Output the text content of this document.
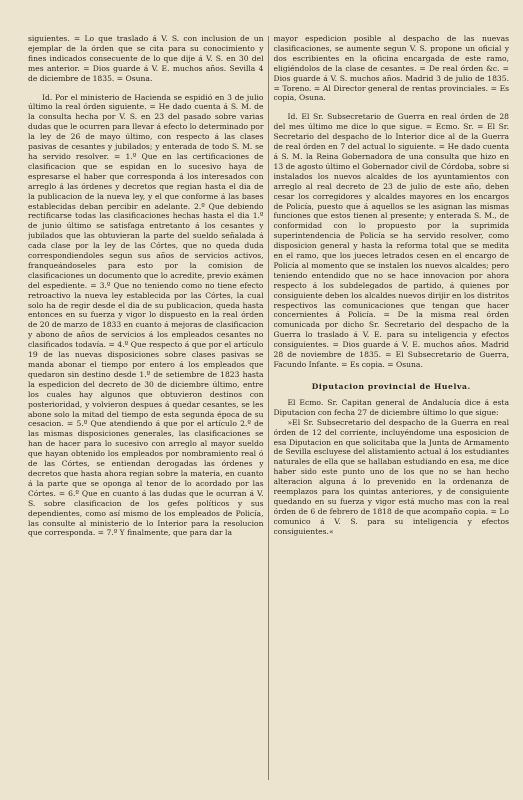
siguientes. = Lo que traslado á V. S. con inclusion de un ejemplar de la órden que se cita para su conocimiento y fines indicados consecuente de lo que dije á V. S. en 30 del mes anterior. = Dios guarde á V. E. muchos años. Sevilla 4 de diciembre de 1835. = Osuna.

Id. Por el ministerio de Hacienda se espidió en 3 de julio último la real órden siguiente. = He dado cuenta á S. M. de la consulta hecha por V. S. en 23 del pasado sobre varias dudas que le ocurren para llevar á efecto lo determinado por la ley de 26 de mayo último, con respecto á las clases pasivas de cesantes y jubilados; y enterada de todo S. M. se ha servido resolver. = 1.º Que en las certificaciones de clasificacion que se espidan en lo sucesivo haya de espresarse el haber que corresponda á los interesados con arreglo á las órdenes y decretos que regian hasta el dia de la publicacion de la nueva ley, y el que conforme á las bases establecidas deban percibir en adelante. 2.º Que debiendo rectificarse todas las clasificaciones hechas hasta el dia 1.º de junio último se satisfaga entretanto á los cesantes y jubilados que las obtuvieran la parte del sueldo señalada á cada clase por la ley de las Córtes, que no queda duda correspondiendoles segun sus años de servicios activos, franqueándoseles para esto por la comision de clasificaciones un documento que lo acredite, previo exámen del espediente. = 3.º Que no teniendo como no tiene efecto retroactivo la nueva ley establecida por las Córtes, la cual solo ha de regir desde el dia de su publicacion, queda hasta entonces en su fuerza y vigor lo dispuesto en la real órden de 20 de marzo de 1833 en cuanto á mejoras de clasificacion y abono de años de servicios á los empleados cesantes no clasificados todavía. = 4.º Que respecto á que por el artículo 19 de las nuevas disposiciones sobre clases pasivas se manda abonar el tiempo por entero á los empleados que quedaron sin destino desde 1.º de setiembre de 1823 hasta la espedicion del decreto de 30 de diciembre último, entre los cuales hay algunos que obtuvieron destinos con posterioridad, y volvieron despues á quedar cesantes, se les abone solo la mitad del tiempo de esta segunda época de su cesacion. = 5.º Que atendiendo á que por el artículo 2.º de las mismas disposiciones generales, las clasificaciones se han de hacer para lo sucesivo con arreglo al mayor sueldo que hayan obtenido los empleados por nombramiento real ó de las Córtes, se entiendan derogadas las órdenes y decretos que hasta ahora regian sobre la materia, en cuanto á la parte que se oponga al tenor de lo acordado por las Córtes. = 6.º Que en cuanto á las dudas que le ocurran á V. S. sobre clasificacion de los gefes políticos y sus dependientes, como así mismo de los empleados de Policía, las consulte al ministerio de lo Interior para la resolucion que corresponda. = 7.º Y finalmente, que para dar la

mayor espedicion posible al despacho de las nuevas clasificaciones, se aumente segun V. S. propone un oficial y dos escribientes en la oficina encargada de este ramo, eligiéndolos de la clase de cesantes. = De real órden &c. = Dios guarde á V. S. muchos años. Madrid 3 de julio de 1835. = Toreno. = Al Director general de rentas provinciales. = Es copia, Osuna.

Id. El Sr. Subsecretario de Guerra en real órden de 28 del mes último me dice lo que sigue. = Ecmo. Sr. = El Sr. Secretario del despacho de lo Interior dice al de la Guerra de real órden en 7 del actual lo siguiente. = He dado cuenta á S. M. la Reina Gobernadora de una consulta que hizo en 13 de agosto último el Gobernador civil de Córdoba, sobre si instalados los nuevos alcaldes de los ayuntamientos con arreglo al real decreto de 23 de julio de este año, deben cesar los corregidores y alcaldes mayores en los encargos de Policía, puesto que á aquellos se les asignan las mismas funciones que estos tienen al presente; y enterada S. M., de conformidad con lo propuesto por la suprimida superintendencia de Policía se ha servido resolver, como disposicion general y hasta la reforma total que se medita en el ramo, que los jueces letrados cesen en el encargo de Policía al momento que se instalen los nuevos alcaldes; pero teniendo entendido que no se hace innovacion por ahora respecto á los subdelegados de partido, á quienes por consiguiente deben los alcaldes nuevos dirijir en los distritos respectivos las comunicaciones que tengan que hacer concernientes á Policía. = De la misma real órden comunicada por dicho Sr. Secretario del despacho de la Guerra lo traslado á V. E. para su inteligencia y efectos consiguientes. = Dios guarde á V. E. muchos años. Madrid 28 de noviembre de 1835. = El Subsecretario de Guerra, Facundo Infante. = Es copia. = Osuna.

Diputacion provincial de Huelva.

El Ecmo. Sr. Capitan general de Andalucía dice á esta Diputacion con fecha 27 de diciembre último lo que sigue:

»El Sr. Subsecretario del despacho de la Guerra en real órden de 12 del corriente, incluyéndome una esposicion de esa Diputacion en que solicitaba que la Junta de Armamento de Sevilla escluyese del alistamiento actual á los estudiantes naturales de ella que se hallaban estudiando en esa, me dice haber sido este punto uno de los que no se han hecho alteracion alguna á lo prevenido en la ordenanza de reemplazos para los quintas anteriores, y de consiguiente quedando en su fuerza y vigor está mucho mas con la real órden de 6 de febrero de 1818 de que acompaño copia. = Lo comunico á V. S. para su inteligencia y efectos consiguientes.«
